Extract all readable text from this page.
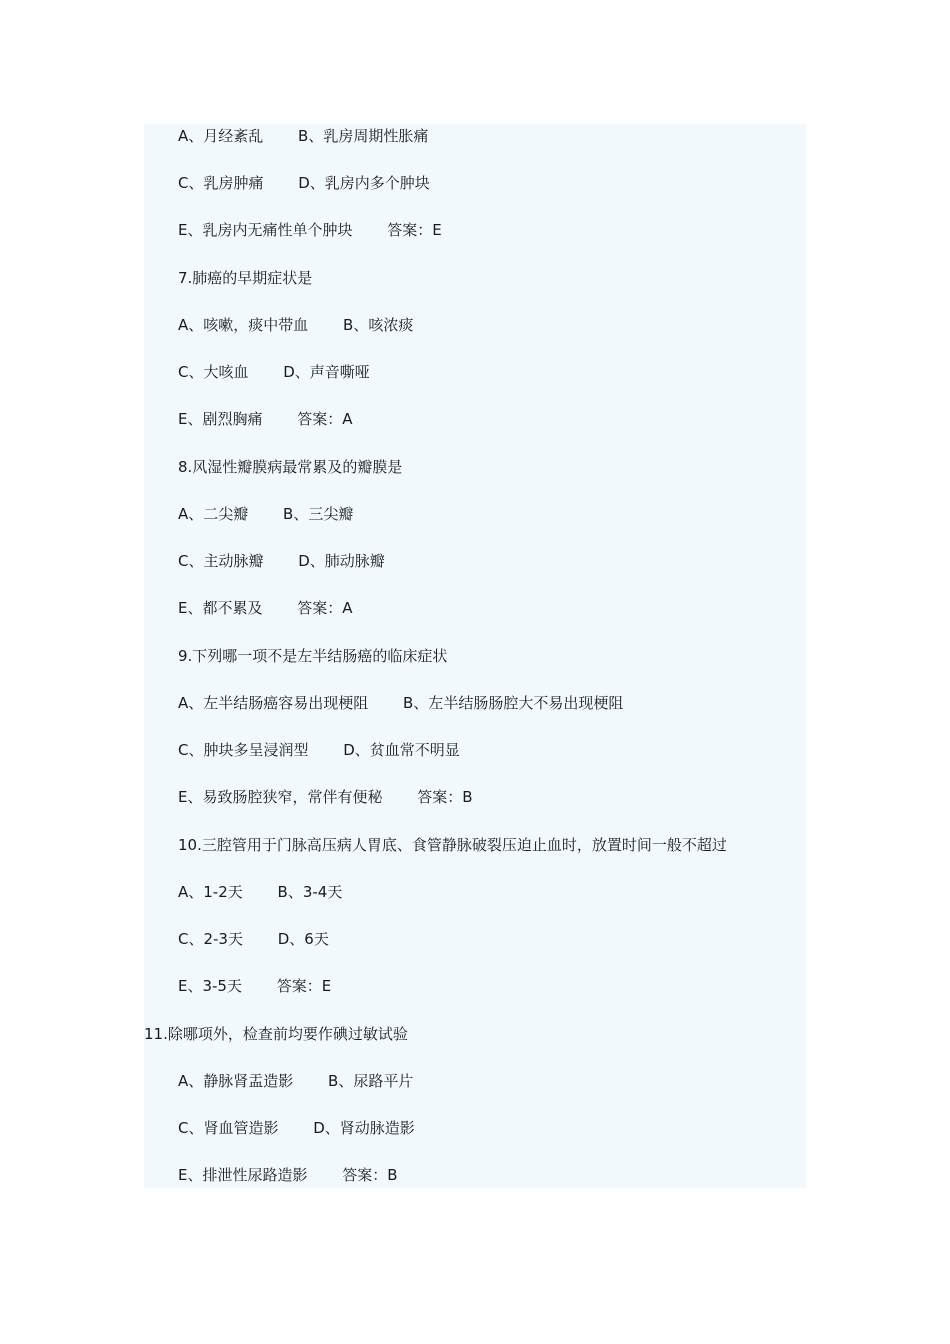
A、月经紊乱　　 B、乳房周期性胀痛
C、乳房肿痛　　 D、乳房内多个肿块
E、乳房内无痛性单个肿块　　 答案：E
7.肺癌的早期症状是
A、咳嗽，痰中带血　　 B、咳浓痰
C、大咳血　　 D、声音嘶哑
E、剧烈胸痛　　 答案：A
8.风湿性瓣膜病最常累及的瓣膜是
A、二尖瓣　　 B、三尖瓣
C、主动脉瓣　　 D、肺动脉瓣
E、都不累及　　 答案：A
9.下列哪一项不是左半结肠癌的临床症状
A、左半结肠癌容易出现梗阻　　 B、左半结肠肠腔大不易出现梗阻
C、肿块多呈浸润型　　 D、贫血常不明显
E、易致肠腔狭窄，常伴有便秘　　 答案：B
10.三腔管用于门脉高压病人胃底、食管静脉破裂压迫止血时，放置时间一般不超过
A、1-2天　　 B、3-4天
C、2-3天　　 D、6天
E、3-5天　　 答案：E
11.除哪项外，检查前均要作碘过敏试验
A、静脉肾盂造影　　 B、尿路平片
C、肾血管造影　　 D、肾动脉造影
E、排泄性尿路造影　　 答案：B
